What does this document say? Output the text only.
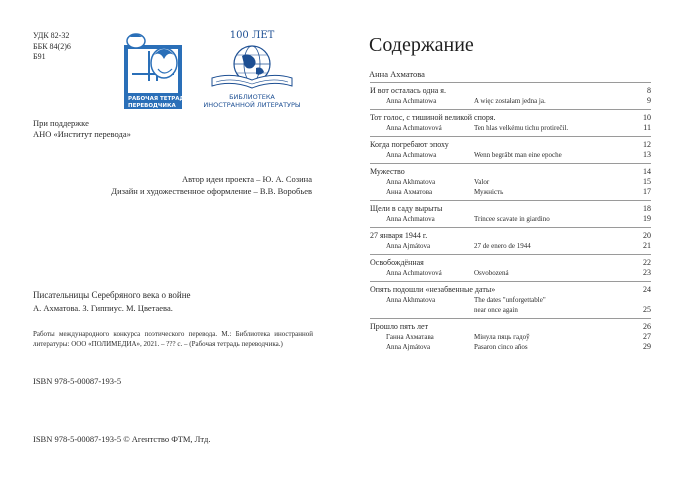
УДК 82-32
ББК 84(2)6
Б91
РАБОЧАЯ ТЕТРАДЬ
ПЕРЕВОДЧИКА
100 ЛЕТ
БИБЛИОТЕКА
ИНОСТРАННОЙ ЛИТЕРАТУРЫ
При поддержке
АНО «Институт перевода»
Автор идеи проекта – Ю. А. Созина
Дизайн и художественное оформление – В.В. Воробьев
Писательницы Серебряного века о войне
А. Ахматова. З. Гиппиус. М. Цветаева.
Работы международного конкурса поэтического перевода. М.: Библиотека иностранной литературы: ООО «ПОЛИМЕДИА», 2021. – ??? с. – (Рабочая тетрадь переводчика.)
ISBN 978-5-00087-193-5
ISBN 978-5-00087-193-5 © Агентство ФТМ, Лтд.
Содержание
Анна Ахматова
И вот осталась одна я.	8
Anna Achmatowa	A więc zostałam jedna ja.	9
Тот голос, с тишиной великой споря.	10
Anna Achmatovová	Ten hlas velkému tichu protirečil.	11
Когда погребают эпоху	12
Anna Achmatowa	Wenn begräbt man eine epoche	13
Мужество	14
Anna Akhmatova	Valor	15
Анна Ахматова	Мужність	17
Щели в саду вырыты	18
Anna Achmatova	Trincee scavate in giardino	19
27 января 1944 г.	20
Anna Ajmátova	27 de enero de 1944	21
Освобождённая	22
Anna Achmatovová	Osvobozená	23
Опять подошли «незабвенные даты»	24
Anna Akhmatova	The dates "unforgettable"
near once again	25
Прошло пять лет	26
Ганна Ахматава	Мінула пяць гадоў	27
Anna Ajmátova	Pasaron cinco años	29
